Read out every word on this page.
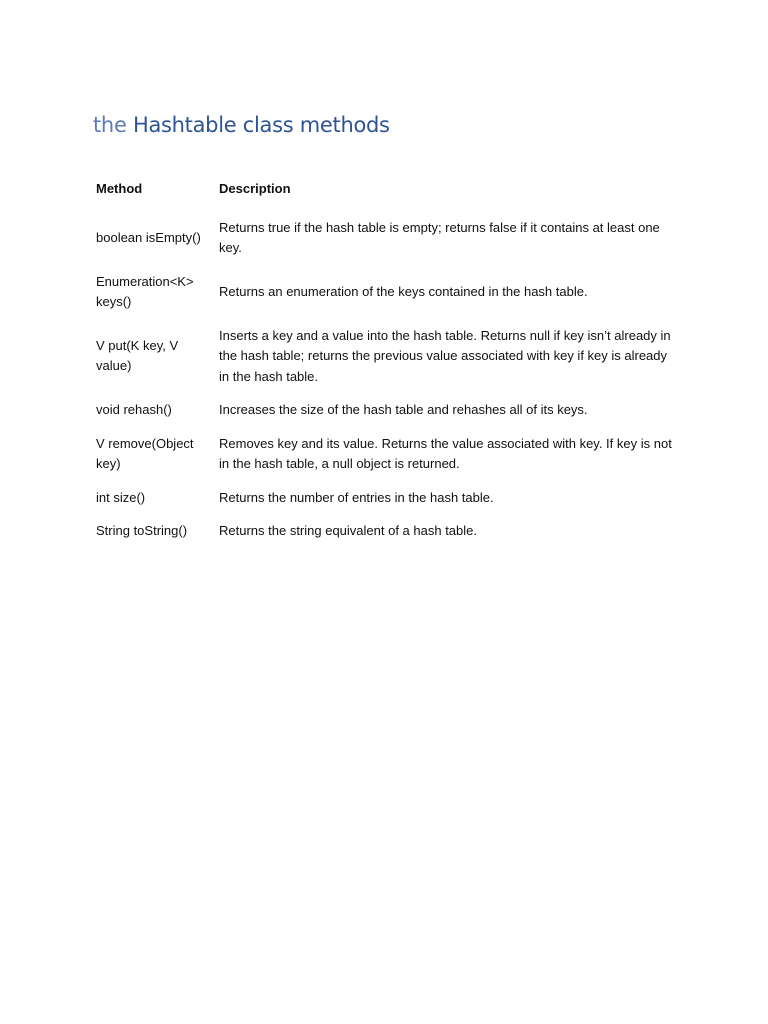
the Hashtable class methods
Method	Description
boolean isEmpty()	Returns true if the hash table is empty; returns false if it contains at least one key.
Enumeration<K> keys()	Returns an enumeration of the keys contained in the hash table.
V put(K key, V value)	Inserts a key and a value into the hash table. Returns null if key isn’t already in the hash table; returns the previous value associated with key if key is already in the hash table.
void rehash()	Increases the size of the hash table and rehashes all of its keys.
V remove(Object key)	Removes key and its value. Returns the value associated with key. If key is not in the hash table, a null object is returned.
int size()	Returns the number of entries in the hash table.
String toString()	Returns the string equivalent of a hash table.
